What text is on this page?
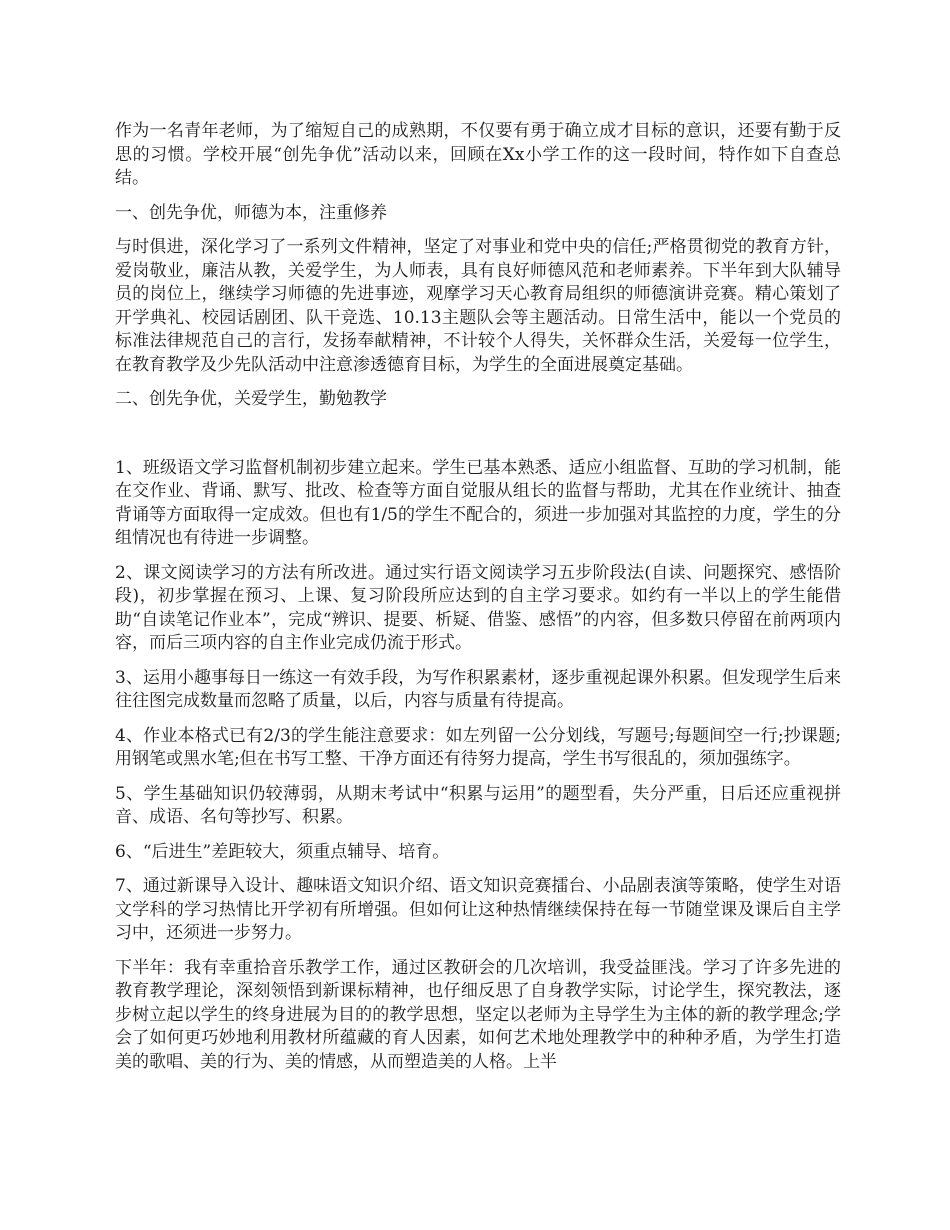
作为一名青年老师，为了缩短自己的成熟期，不仅要有勇于确立成才目标的意识，还要有勤于反思的习惯。学校开展“创先争优”活动以来，回顾在Xx小学工作的这一段时间，特作如下自查总结。

一、创先争优，师德为本，注重修养

与时俱进，深化学习了一系列文件精神，坚定了对事业和党中央的信任;严格贯彻党的教育方针，爱岗敬业，廉洁从教，关爱学生，为人师表，具有良好师德风范和老师素养。下半年到大队辅导员的岗位上，继续学习师德的先进事迹，观摩学习天心教育局组织的师德演讲竞赛。精心策划了开学典礼、校园话剧团、队干竞选、10.13主题队会等主题活动。日常生活中，能以一个党员的标准法律规范自己的言行，发扬奉献精神，不计较个人得失，关怀群众生活，关爱每一位学生，在教育教学及少先队活动中注意渗透德育目标，为学生的全面进展奠定基础。

二、创先争优，关爱学生，勤勉教学

1、班级语文学习监督机制初步建立起来。学生已基本熟悉、适应小组监督、互助的学习机制，能在交作业、背诵、默写、批改、检查等方面自觉服从组长的监督与帮助，尤其在作业统计、抽查背诵等方面取得一定成效。但也有1/5的学生不配合的，须进一步加强对其监控的力度，学生的分组情况也有待进一步调整。

2、课文阅读学习的方法有所改进。通过实行语文阅读学习五步阶段法(自读、问题探究、感悟阶段)，初步掌握在预习、上课、复习阶段所应达到的自主学习要求。如约有一半以上的学生能借助“自读笔记作业本”，完成“辨识、提要、析疑、借鉴、感悟”的内容，但多数只停留在前两项内容，而后三项内容的自主作业完成仍流于形式。

3、运用小趣事每日一练这一有效手段，为写作积累素材，逐步重视起课外积累。但发现学生后来往往图完成数量而忽略了质量，以后，内容与质量有待提高。

4、作业本格式已有2/3的学生能注意要求：如左列留一公分划线，写题号;每题间空一行;抄课题;用钢笔或黑水笔;但在书写工整、干净方面还有待努力提高，学生书写很乱的，须加强练字。

5、学生基础知识仍较薄弱，从期末考试中“积累与运用”的题型看，失分严重，日后还应重视拼音、成语、名句等抄写、积累。

6、“后进生”差距较大，须重点辅导、培育。

7、通过新课导入设计、趣味语文知识介绍、语文知识竞赛擂台、小品剧表演等策略，使学生对语文学科的学习热情比开学初有所增强。但如何让这种热情继续保持在每一节随堂课及课后自主学习中，还须进一步努力。

下半年：我有幸重拾音乐教学工作，通过区教研会的几次培训，我受益匪浅。学习了许多先进的教育教学理论，深刻领悟到新课标精神，也仔细反思了自身教学实际，讨论学生，探究教法，逐步树立起以学生的终身进展为目的的教学思想，坚定以老师为主导学生为主体的新的教学理念;学会了如何更巧妙地利用教材所蕴藏的育人因素，如何艺术地处理教学中的种种矛盾，为学生打造美的歌唱、美的行为、美的情感，从而塑造美的人格。上半
